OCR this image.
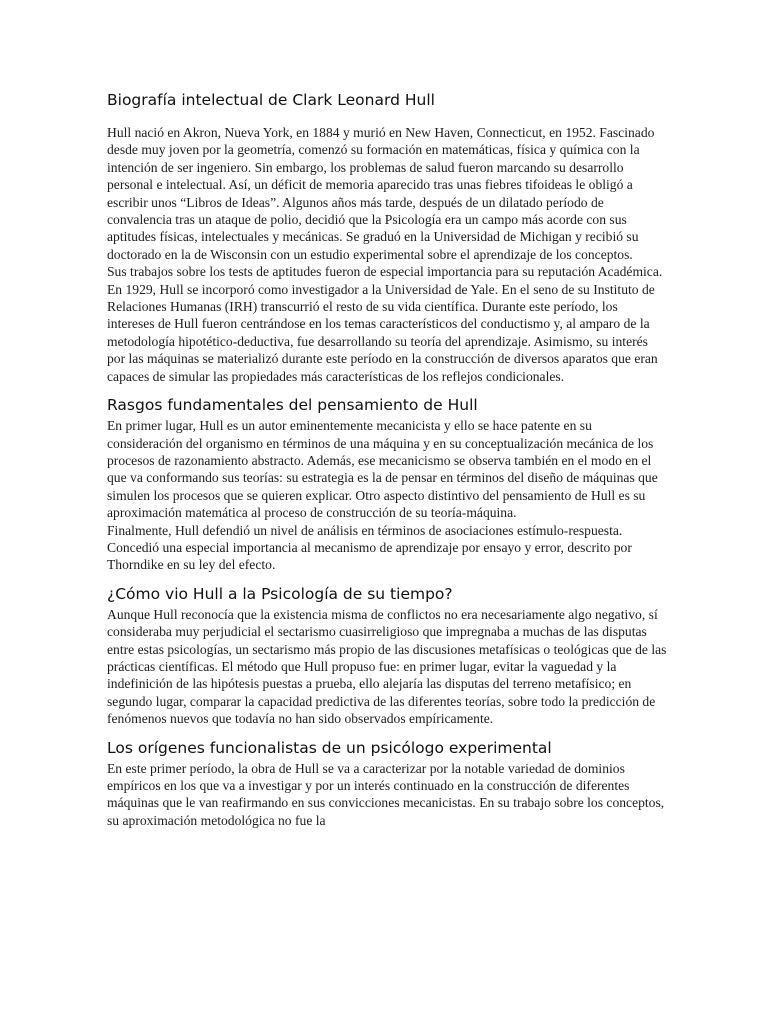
Biografía intelectual de Clark Leonard Hull

Hull nació en Akron, Nueva York, en 1884 y murió en New Haven, Connecticut, en 1952. Fascinado desde muy joven por la geometría, comenzó su formación en matemáticas, física y química con la intención de ser ingeniero. Sin embargo, los problemas de salud fueron marcando su desarrollo personal e intelectual. Así, un déficit de memoria aparecido tras unas fiebres tifoideas le obligó a escribir unos “Libros de Ideas”. Algunos años más tarde, después de un dilatado período de convalencia tras un ataque de polio, decidió que la Psicología era un campo más acorde con sus aptitudes físicas, intelectuales y mecánicas. Se graduó en la Universidad de Michigan y recibió su doctorado en la de Wisconsin con un estudio experimental sobre el aprendizaje de los conceptos.

Sus trabajos sobre los tests de aptitudes fueron de especial importancia para su reputación Académica. En 1929, Hull se incorporó como investigador a la Universidad de Yale. En el seno de su Instituto de Relaciones Humanas (IRH) transcurrió el resto de su vida científica. Durante este período, los intereses de Hull fueron centrándose en los temas característicos del conductismo y, al amparo de la metodología hipotético-deductiva, fue desarrollando su teoría del aprendizaje. Asimismo, su interés por las máquinas se materializó durante este período en la construcción de diversos aparatos que eran capaces de simular las propiedades más características de los reflejos condicionales.

Rasgos fundamentales del pensamiento de Hull

En primer lugar, Hull es un autor eminentemente mecanicista y ello se hace patente en su consideración del organismo en términos de una máquina y en su conceptualización mecánica de los procesos de razonamiento abstracto. Además, ese mecanicismo se observa también en el modo en el que va conformando sus teorías: su estrategia es la de pensar en términos del diseño de máquinas que simulen los procesos que se quieren explicar. Otro aspecto distintivo del pensamiento de Hull es su aproximación matemática al proceso de construcción de su teoría-máquina.

Finalmente, Hull defendió un nivel de análisis en términos de asociaciones estímulo-respuesta. Concedió una especial importancia al mecanismo de aprendizaje por ensayo y error, descrito por Thorndike en su ley del efecto.

¿Cómo vio Hull a la Psicología de su tiempo?

Aunque Hull reconocía que la existencia misma de conflictos no era necesariamente algo negativo, sí consideraba muy perjudicial el sectarismo cuasirreligioso que impregnaba a muchas de las disputas entre estas psicologías, un sectarismo más propio de las discusiones metafísicas o teológicas que de las prácticas científicas. El método que Hull propuso fue: en primer lugar, evitar la vaguedad y la indefinición de las hipótesis puestas a prueba, ello alejaría las disputas del terreno metafísico; en segundo lugar, comparar la capacidad predictiva de las diferentes teorías, sobre todo la predicción de fenómenos nuevos que todavía no han sido observados empíricamente.

Los orígenes funcionalistas de un psicólogo experimental

En este primer período, la obra de Hull se va a caracterizar por la notable variedad de dominios empíricos en los que va a investigar y por un interés continuado en la construcción de diferentes máquinas que le van reafirmando en sus convicciones mecanicistas. En su trabajo sobre los conceptos, su aproximación metodológica no fue la
